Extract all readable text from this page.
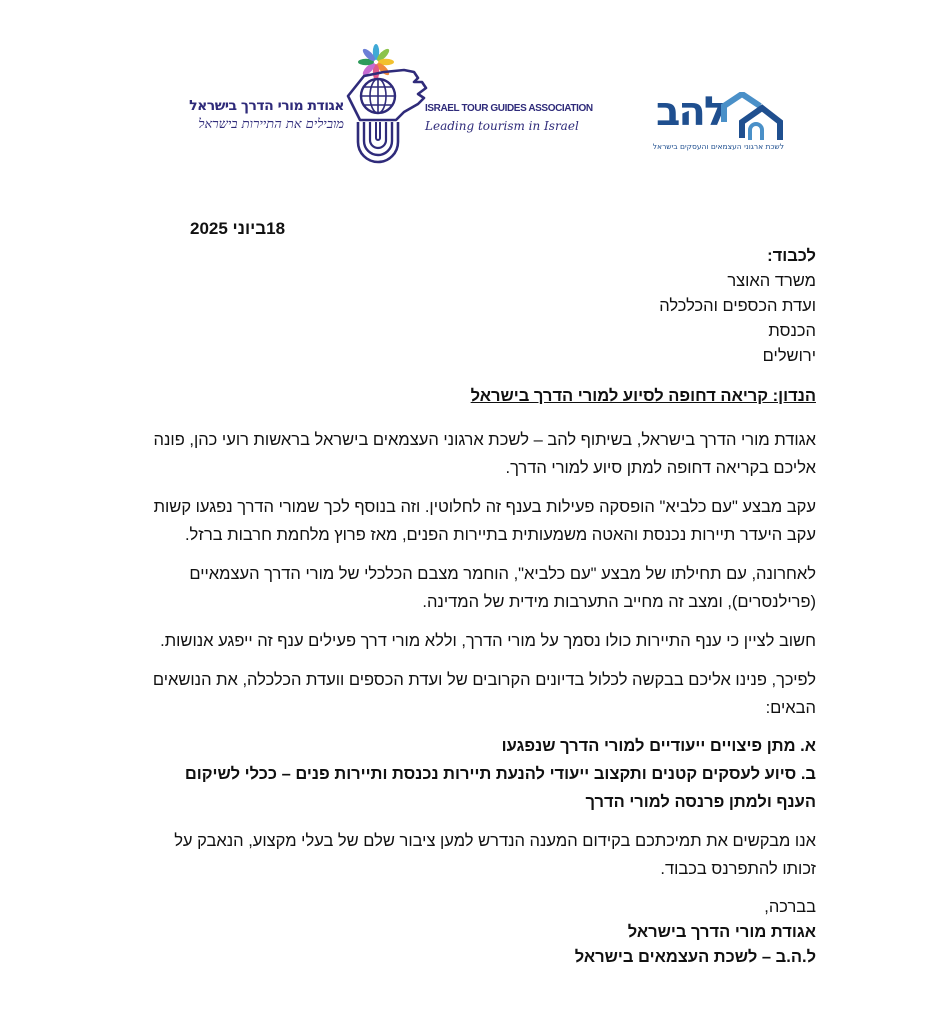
אגודת מורי הדרך בישראל
מובילים את התיירות בישראל
ISRAEL TOUR GUIDES ASSOCIATION
Leading tourism in Israel להב
לשכת ארגוני העצמאים והעסקים בישראל
18ביוני 2025

לכבוד:

משרד האוצר

ועדת הכספים והכלכלה

הכנסת

ירושלים

הנדון: קריאה דחופה לסיוע למורי הדרך בישראל

אגודת מורי הדרך בישראל, בשיתוף להב – לשכת ארגוני העצמאים בישראל בראשות רועי כהן, פונה אליכם בקריאה דחופה למתן סיוע למורי הדרך.

עקב מבצע "עם כלביא" הופסקה פעילות בענף זה לחלוטין. וזה בנוסף לכך שמורי הדרך נפגעו קשות עקב היעדר תיירות נכנסת והאטה משמעותית בתיירות הפנים, מאז פרוץ מלחמת חרבות ברזל.

לאחרונה, עם תחילתו של מבצע "עם כלביא", הוחמר מצבם הכלכלי של מורי הדרך העצמאיים (פרילנסרים), ומצב זה מחייב התערבות מידית של המדינה.

חשוב לציין כי ענף התיירות כולו נסמך על מורי הדרך, וללא מורי דרך פעילים ענף זה ייפגע אנושות.

לפיכך, פנינו אליכם בבקשה לכלול בדיונים הקרובים של ועדת הכספים וועדת הכלכלה, את הנושאים הבאים:

א. מתן פיצויים ייעודיים למורי הדרך שנפגעו

ב. סיוע לעסקים קטנים ותקצוב ייעודי להנעת תיירות נכנסת ותיירות פנים – ככלי לשיקום הענף ולמתן פרנסה למורי הדרך

אנו מבקשים את תמיכתכם בקידום המענה הנדרש למען ציבור שלם של בעלי מקצוע, הנאבק על זכותו להתפרנס בכבוד.

בברכה,

אגודת מורי הדרך בישראל

ל.ה.ב – לשכת העצמאים בישראל
